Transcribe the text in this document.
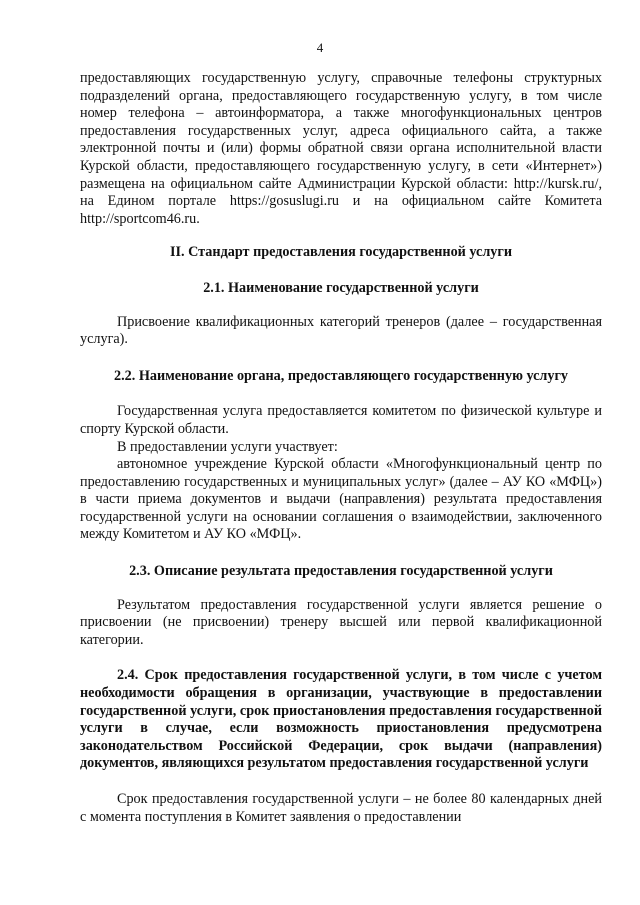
4

предоставляющих государственную услугу, справочные телефоны структурных подразделений органа, предоставляющего государственную услугу, в том числе номер телефона – автоинформатора, а также многофункциональных центров предоставления государственных услуг, адреса официального сайта, а также электронной почты и (или) формы обратной связи органа исполнительной власти Курской области, предоставляющего государственную услугу, в сети «Интернет») размещена на официальном сайте Администрации Курской области: http://kursk.ru/, на Едином портале https://gosuslugi.ru и на официальном сайте Комитета http://sportcom46.ru.

II. Стандарт предоставления государственной услуги

2.1. Наименование государственной услуги

Присвоение квалификационных категорий тренеров (далее – государственная услуга).

2.2. Наименование органа, предоставляющего государственную услугу

Государственная услуга предоставляется комитетом по физической культуре и спорту Курской области.

В предоставлении услуги участвует:

автономное учреждение Курской области «Многофункциональный центр по предоставлению государственных и муниципальных услуг» (далее – АУ КО «МФЦ») в части приема документов и выдачи (направления) результата предоставления государственной услуги на основании соглашения о взаимодействии, заключенного между Комитетом и АУ КО «МФЦ».

2.3. Описание результата предоставления государственной услуги

Результатом предоставления государственной услуги является решение о присвоении (не присвоении) тренеру высшей или первой квалификационной категории.

2.4. Срок предоставления государственной услуги, в том числе с учетом необходимости обращения в организации, участвующие в предоставлении государственной услуги, срок приостановления предоставления государственной услуги в случае, если возможность приостановления предусмотрена законодательством Российской Федерации, срок выдачи (направления) документов, являющихся результатом предоставления государственной услуги

Срок предоставления государственной услуги – не более 80 календарных дней с момента поступления в Комитет заявления о предоставлении
